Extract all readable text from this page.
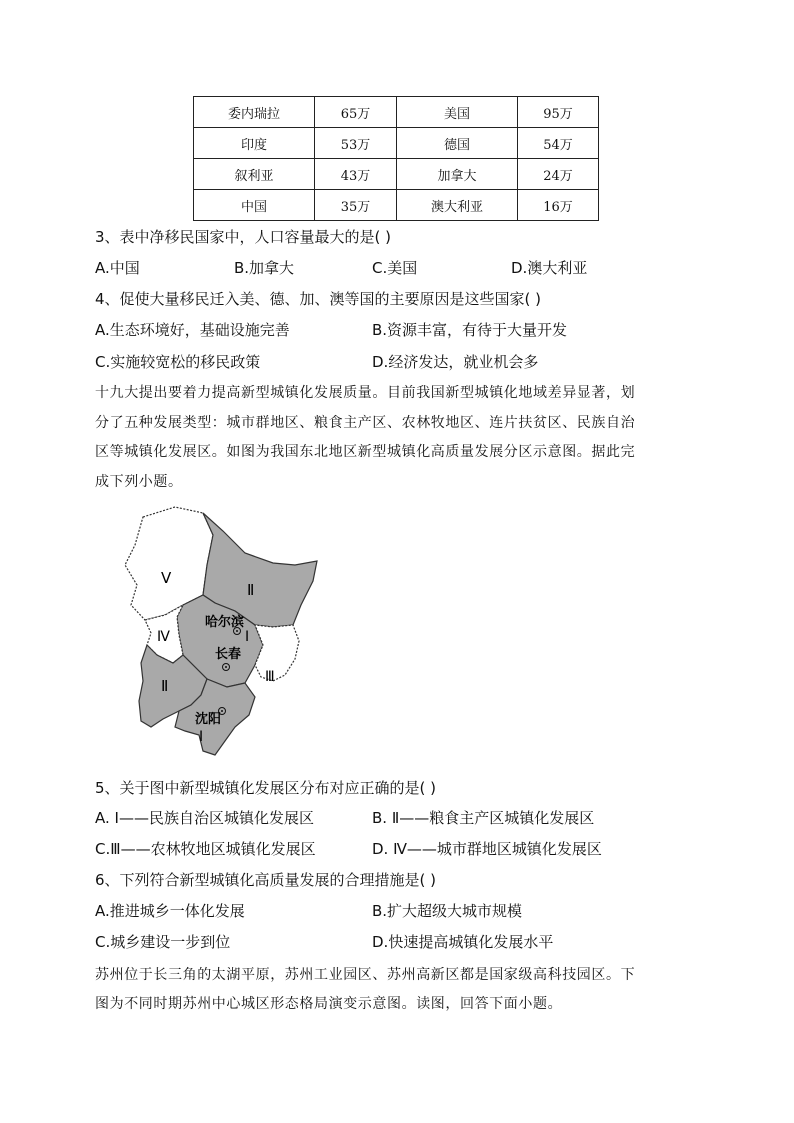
委内瑞拉	65万	美国	95万
印度	53万	德国	54万
叙利亚	43万	加拿大	24万
中国	35万	澳大利亚	16万
3、表中净移民国家中，人口容量最大的是( )
A.中国	B.加拿大	C.美国	D.澳大利亚
4、促使大量移民迁入美、德、加、澳等国的主要原因是这些国家( )
A.生态环境好，基础设施完善	B.资源丰富，有待于大量开发
C.实施较宽松的移民政策	D.经济发达，就业机会多
十九大提出要着力提高新型城镇化发展质量。目前我国新型城镇化地域差异显著，划
分了五种发展类型：城市群地区、粮食主产区、农林牧地区、连片扶贫区、民族自治
区等城镇化发展区。如图为我国东北地区新型城镇化高质量发展分区示意图。据此完
成下列小题。
Ⅴ
Ⅱ
Ⅰ
Ⅳ
Ⅲ
Ⅱ
Ⅰ
哈尔滨
长春
沈阳
5、关于图中新型城镇化发展区分布对应正确的是( )
A. Ⅰ——民族自治区城镇化发展区	B. Ⅱ——粮食主产区城镇化发展区
C.Ⅲ——农林牧地区城镇化发展区	D. Ⅳ——城市群地区城镇化发展区
6、下列符合新型城镇化高质量发展的合理措施是( )
A.推进城乡一体化发展	B.扩大超级大城市规模
C.城乡建设一步到位	D.快速提高城镇化发展水平
苏州位于长三角的太湖平原，苏州工业园区、苏州高新区都是国家级高科技园区。下
图为不同时期苏州中心城区形态格局演变示意图。读图，回答下面小题。
